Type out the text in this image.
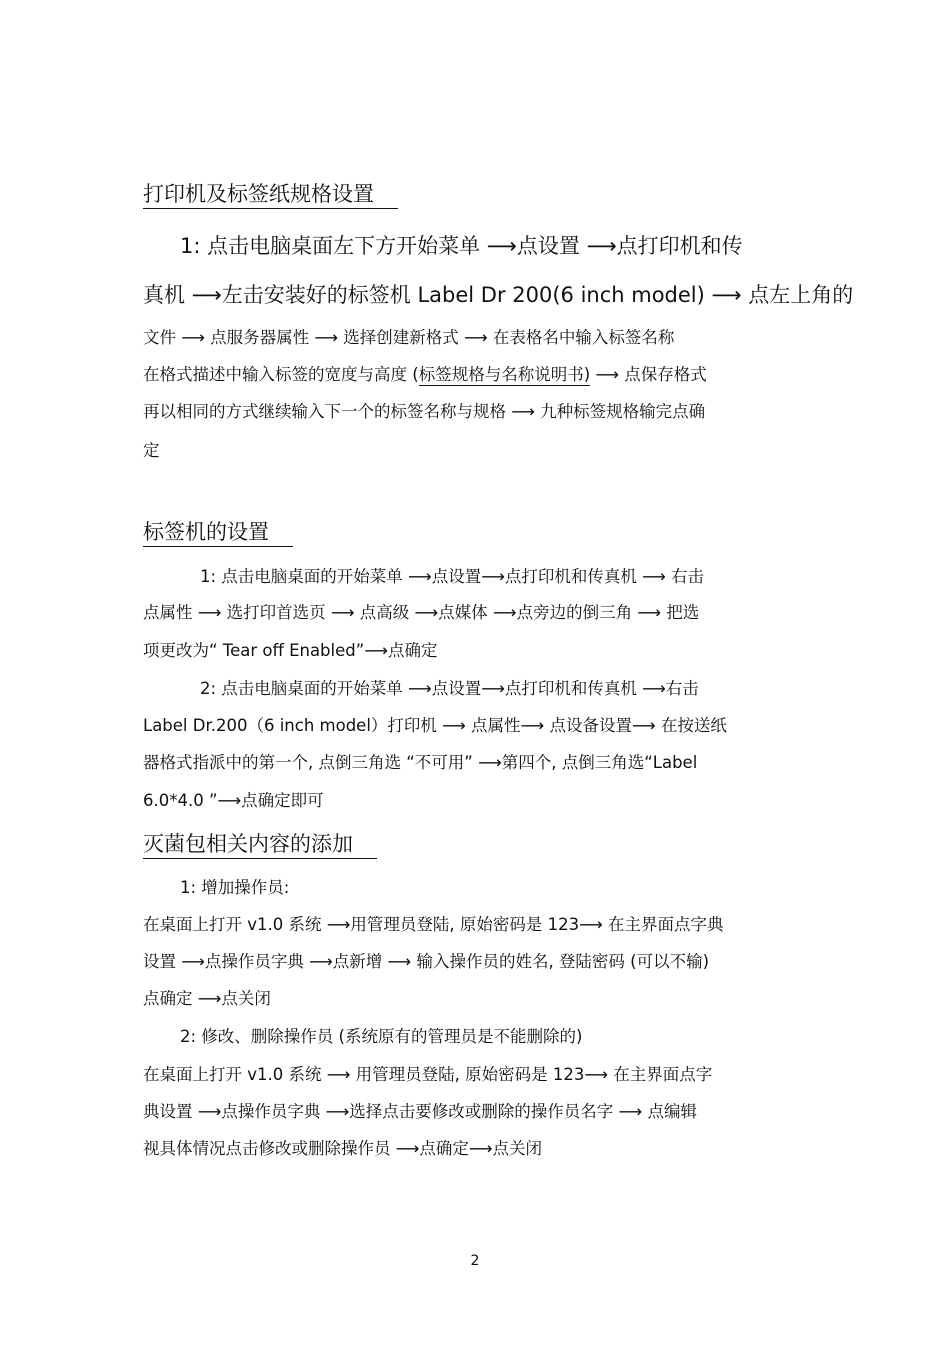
打印机及标签纸规格设置
1: 点击电脑桌面左下方开始菜单 ⟶点设置 ⟶点打印机和传
真机 ⟶左击安装好的标签机 Label Dr 200(6 inch model) ⟶ 点左上角的
文件 ⟶ 点服务器属性 ⟶ 选择创建新格式 ⟶ 在表格名中输入标签名称
在格式描述中输入标签的宽度与高度 (标签规格与名称说明书) ⟶ 点保存格式
再以相同的方式继续输入下一个的标签名称与规格 ⟶ 九种标签规格输完点确
定
标签机的设置
1: 点击电脑桌面的开始菜单 ⟶点设置⟶点打印机和传真机 ⟶ 右击
点属性 ⟶ 选打印首选页 ⟶ 点高级 ⟶点媒体 ⟶点旁边的倒三角 ⟶ 把选
项更改为“ Tear off Enabled”⟶点确定
2: 点击电脑桌面的开始菜单 ⟶点设置⟶点打印机和传真机 ⟶右击
Label Dr.200（6 inch model）打印机 ⟶ 点属性⟶ 点设备设置⟶ 在按送纸
器格式指派中的第一个, 点倒三角选 “不可用” ⟶第四个, 点倒三角选“Label
6.0*4.0 ”⟶点确定即可
灭菌包相关内容的添加
1: 增加操作员:
在桌面上打开 v1.0 系统 ⟶用管理员登陆, 原始密码是 123⟶ 在主界面点字典
设置 ⟶点操作员字典 ⟶点新增 ⟶ 输入操作员的姓名, 登陆密码 (可以不输)
点确定 ⟶点关闭
2: 修改、删除操作员 (系统原有的管理员是不能删除的)
在桌面上打开 v1.0 系统 ⟶ 用管理员登陆, 原始密码是 123⟶ 在主界面点字
典设置 ⟶点操作员字典 ⟶选择点击要修改或删除的操作员名字 ⟶ 点编辑
视具体情况点击修改或删除操作员 ⟶点确定⟶点关闭
2
